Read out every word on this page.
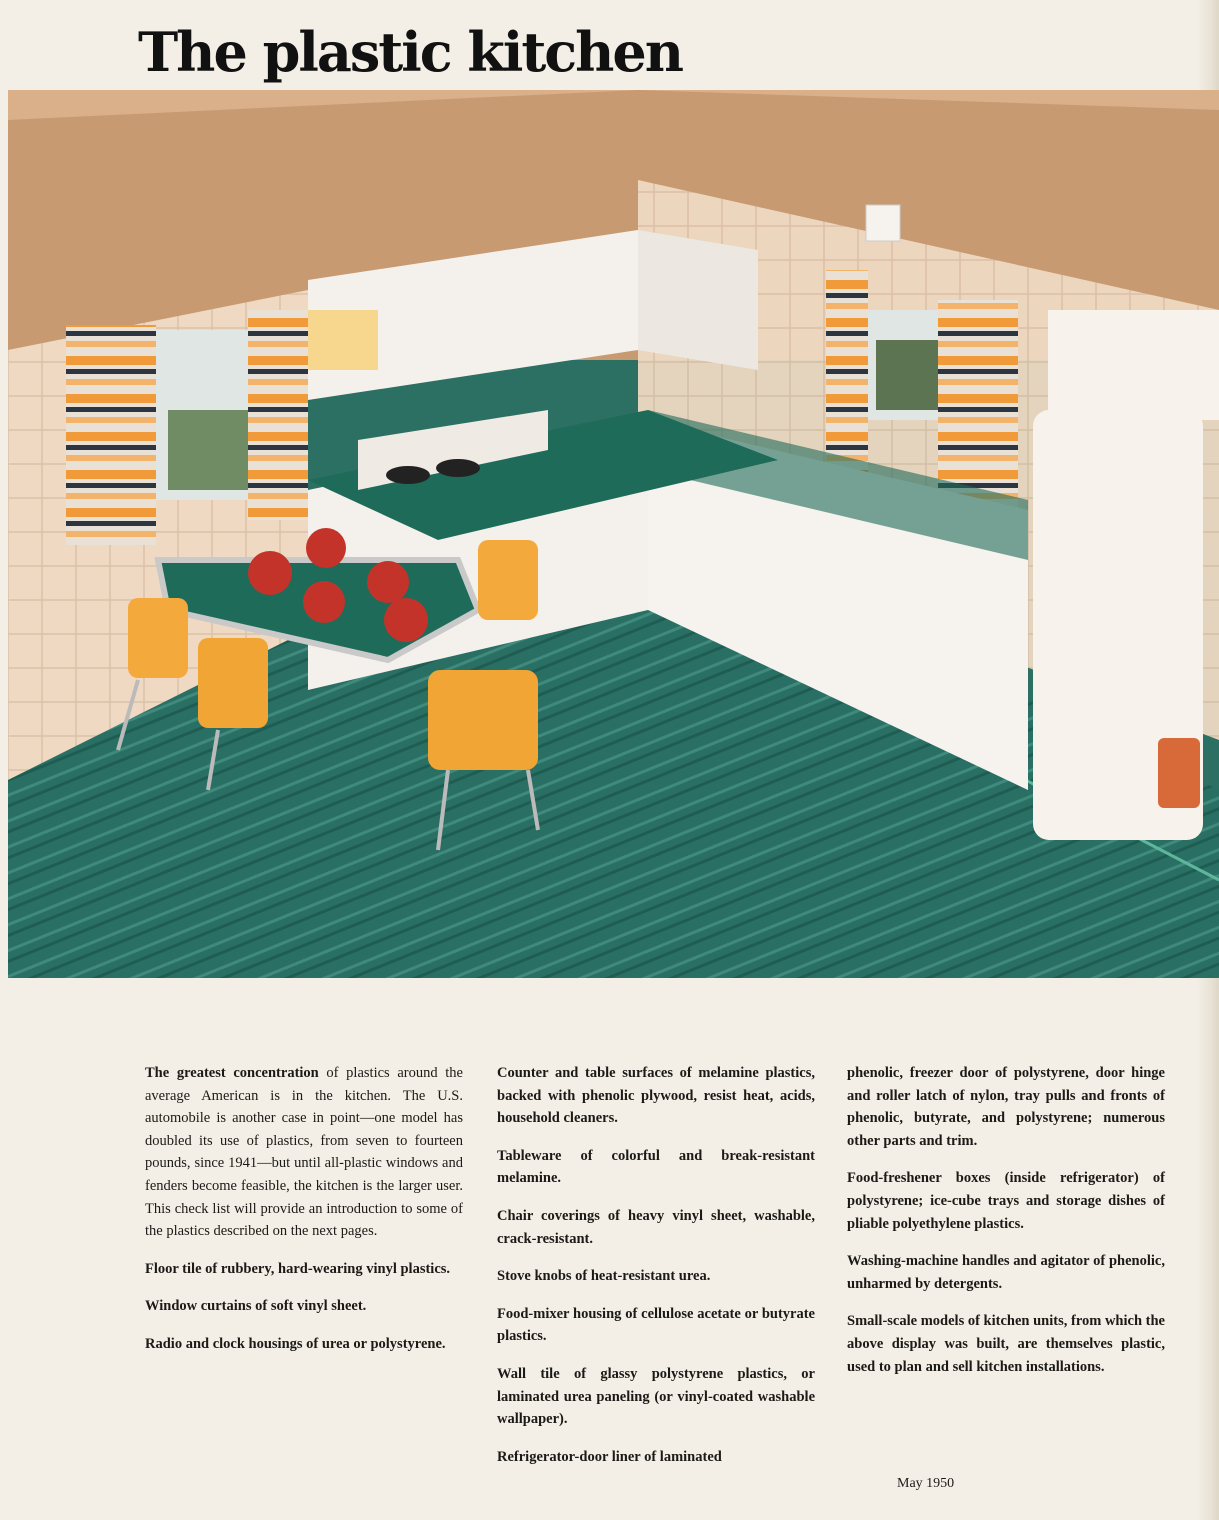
The plastic kitchen

The greatest concentration of plastics around the average American is in the kitchen. The U.S. automobile is another case in point—one model has doubled its use of plastics, from seven to fourteen pounds, since 1941—but until all-plastic windows and fenders become feasible, the kitchen is the larger user. This check list will provide an introduction to some of the plastics described on the next pages.

Floor tile of rubbery, hard-wearing vinyl plastics.

Window curtains of soft vinyl sheet.

Radio and clock housings of urea or polystyrene.

Counter and table surfaces of melamine plastics, backed with phenolic plywood, resist heat, acids, household cleaners.

Tableware of colorful and break-resistant melamine.

Chair coverings of heavy vinyl sheet, washable, crack-resistant.

Stove knobs of heat-resistant urea.

Food-mixer housing of cellulose acetate or butyrate plastics.

Wall tile of glassy polystyrene plastics, or laminated urea paneling (or vinyl-coated washable wallpaper).

Refrigerator-door liner of laminated

phenolic, freezer door of polystyrene, door hinge and roller latch of nylon, tray pulls and fronts of phenolic, butyrate, and polystyrene; numerous other parts and trim.

Food-freshener boxes (inside refrigerator) of polystyrene; ice-cube trays and storage dishes of pliable polyethylene plastics.

Washing-machine handles and agitator of phenolic, unharmed by detergents.

Small-scale models of kitchen units, from which the above display was built, are themselves plastic, used to plan and sell kitchen installations.

May 1950
